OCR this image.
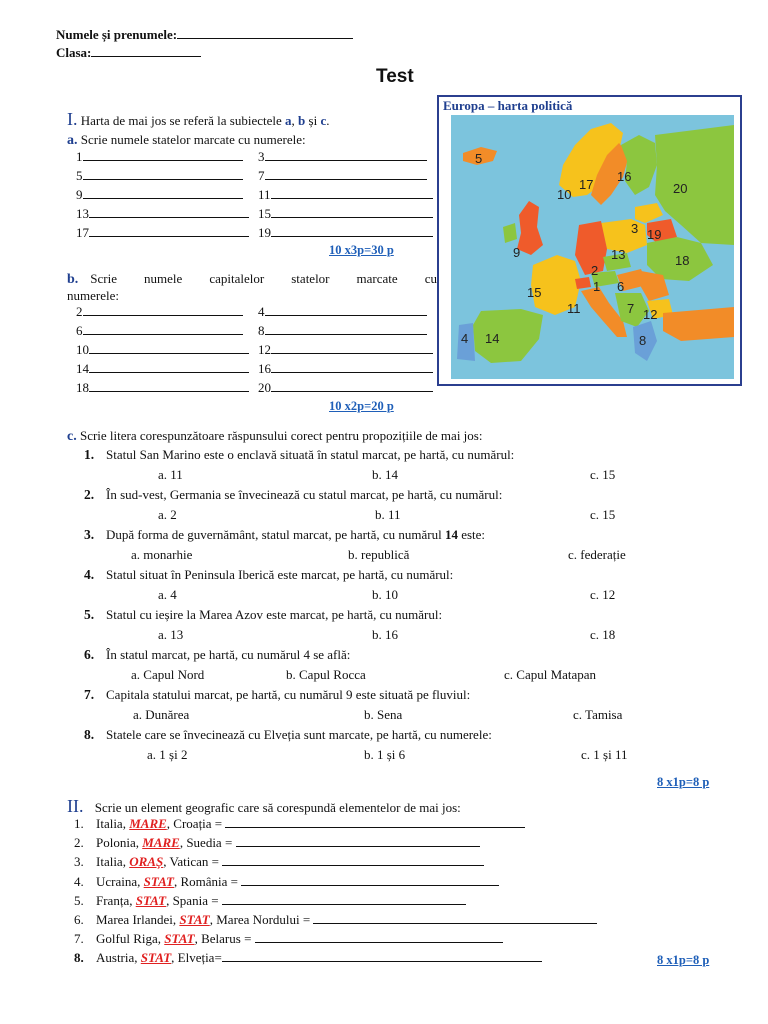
Numele și prenumele:
Clasa:
Test
I. Harta de mai jos se referă la subiectele a, b și c.
a. Scrie numele statelor marcate cu numerele:
1	3
5	7
9	11
13	15
17	19
10 x3p=30 p
b. Scrie numele capitalelor statelor marcate cu
numerele:
2	4
6	8
10	12
14	16
18	20
10 x2p=20 p
Europa – harta politică
5
17
16
10	20
3 19
9	13	18
2
1 6
15
11	7 12
4 14	8
c. Scrie litera corespunzătoare răspunsului corect pentru propozițiile de mai jos:
1. Statul San Marino este o enclavă situată în statul marcat, pe hartă, cu numărul:
a. 11	b. 14	c. 15
2. În sud-vest, Germania se învecinează cu statul marcat, pe hartă, cu numărul:
a. 2	b. 11	c. 15
3. După forma de guvernământ, statul marcat, pe hartă, cu numărul 14 este:
a. monarhie	b. republică	c. federație
4. Statul situat în Peninsula Iberică este marcat, pe hartă, cu numărul:
a. 4	b. 10	c. 12
5. Statul cu ieșire la Marea Azov este marcat, pe hartă, cu numărul:
a. 13	b. 16	c. 18
6. În statul marcat, pe hartă, cu numărul 4 se află:
a. Capul Nord	b. Capul Rocca	c. Capul Matapan
7. Capitala statului marcat, pe hartă, cu numărul 9 este situată pe fluviul:
a. Dunărea	b. Sena	c. Tamisa
8. Statele care se învecinează cu Elveția sunt marcate, pe hartă, cu numerele:
a. 1 și 2	b. 1 și 6	c. 1 și 11
8 x1p=8 p
II. Scrie un element geografic care să corespundă elementelor de mai jos:
1. Italia, MARE, Croația =
2. Polonia, MARE, Suedia =
3. Italia, ORAȘ, Vatican =
4. Ucraina, STAT, România =
5. Franța, STAT, Spania =
6. Marea Irlandei, STAT, Marea Nordului =
7. Golful Riga, STAT, Belarus =
8. Austria, STAT, Elveția=	8 x1p=8 p
